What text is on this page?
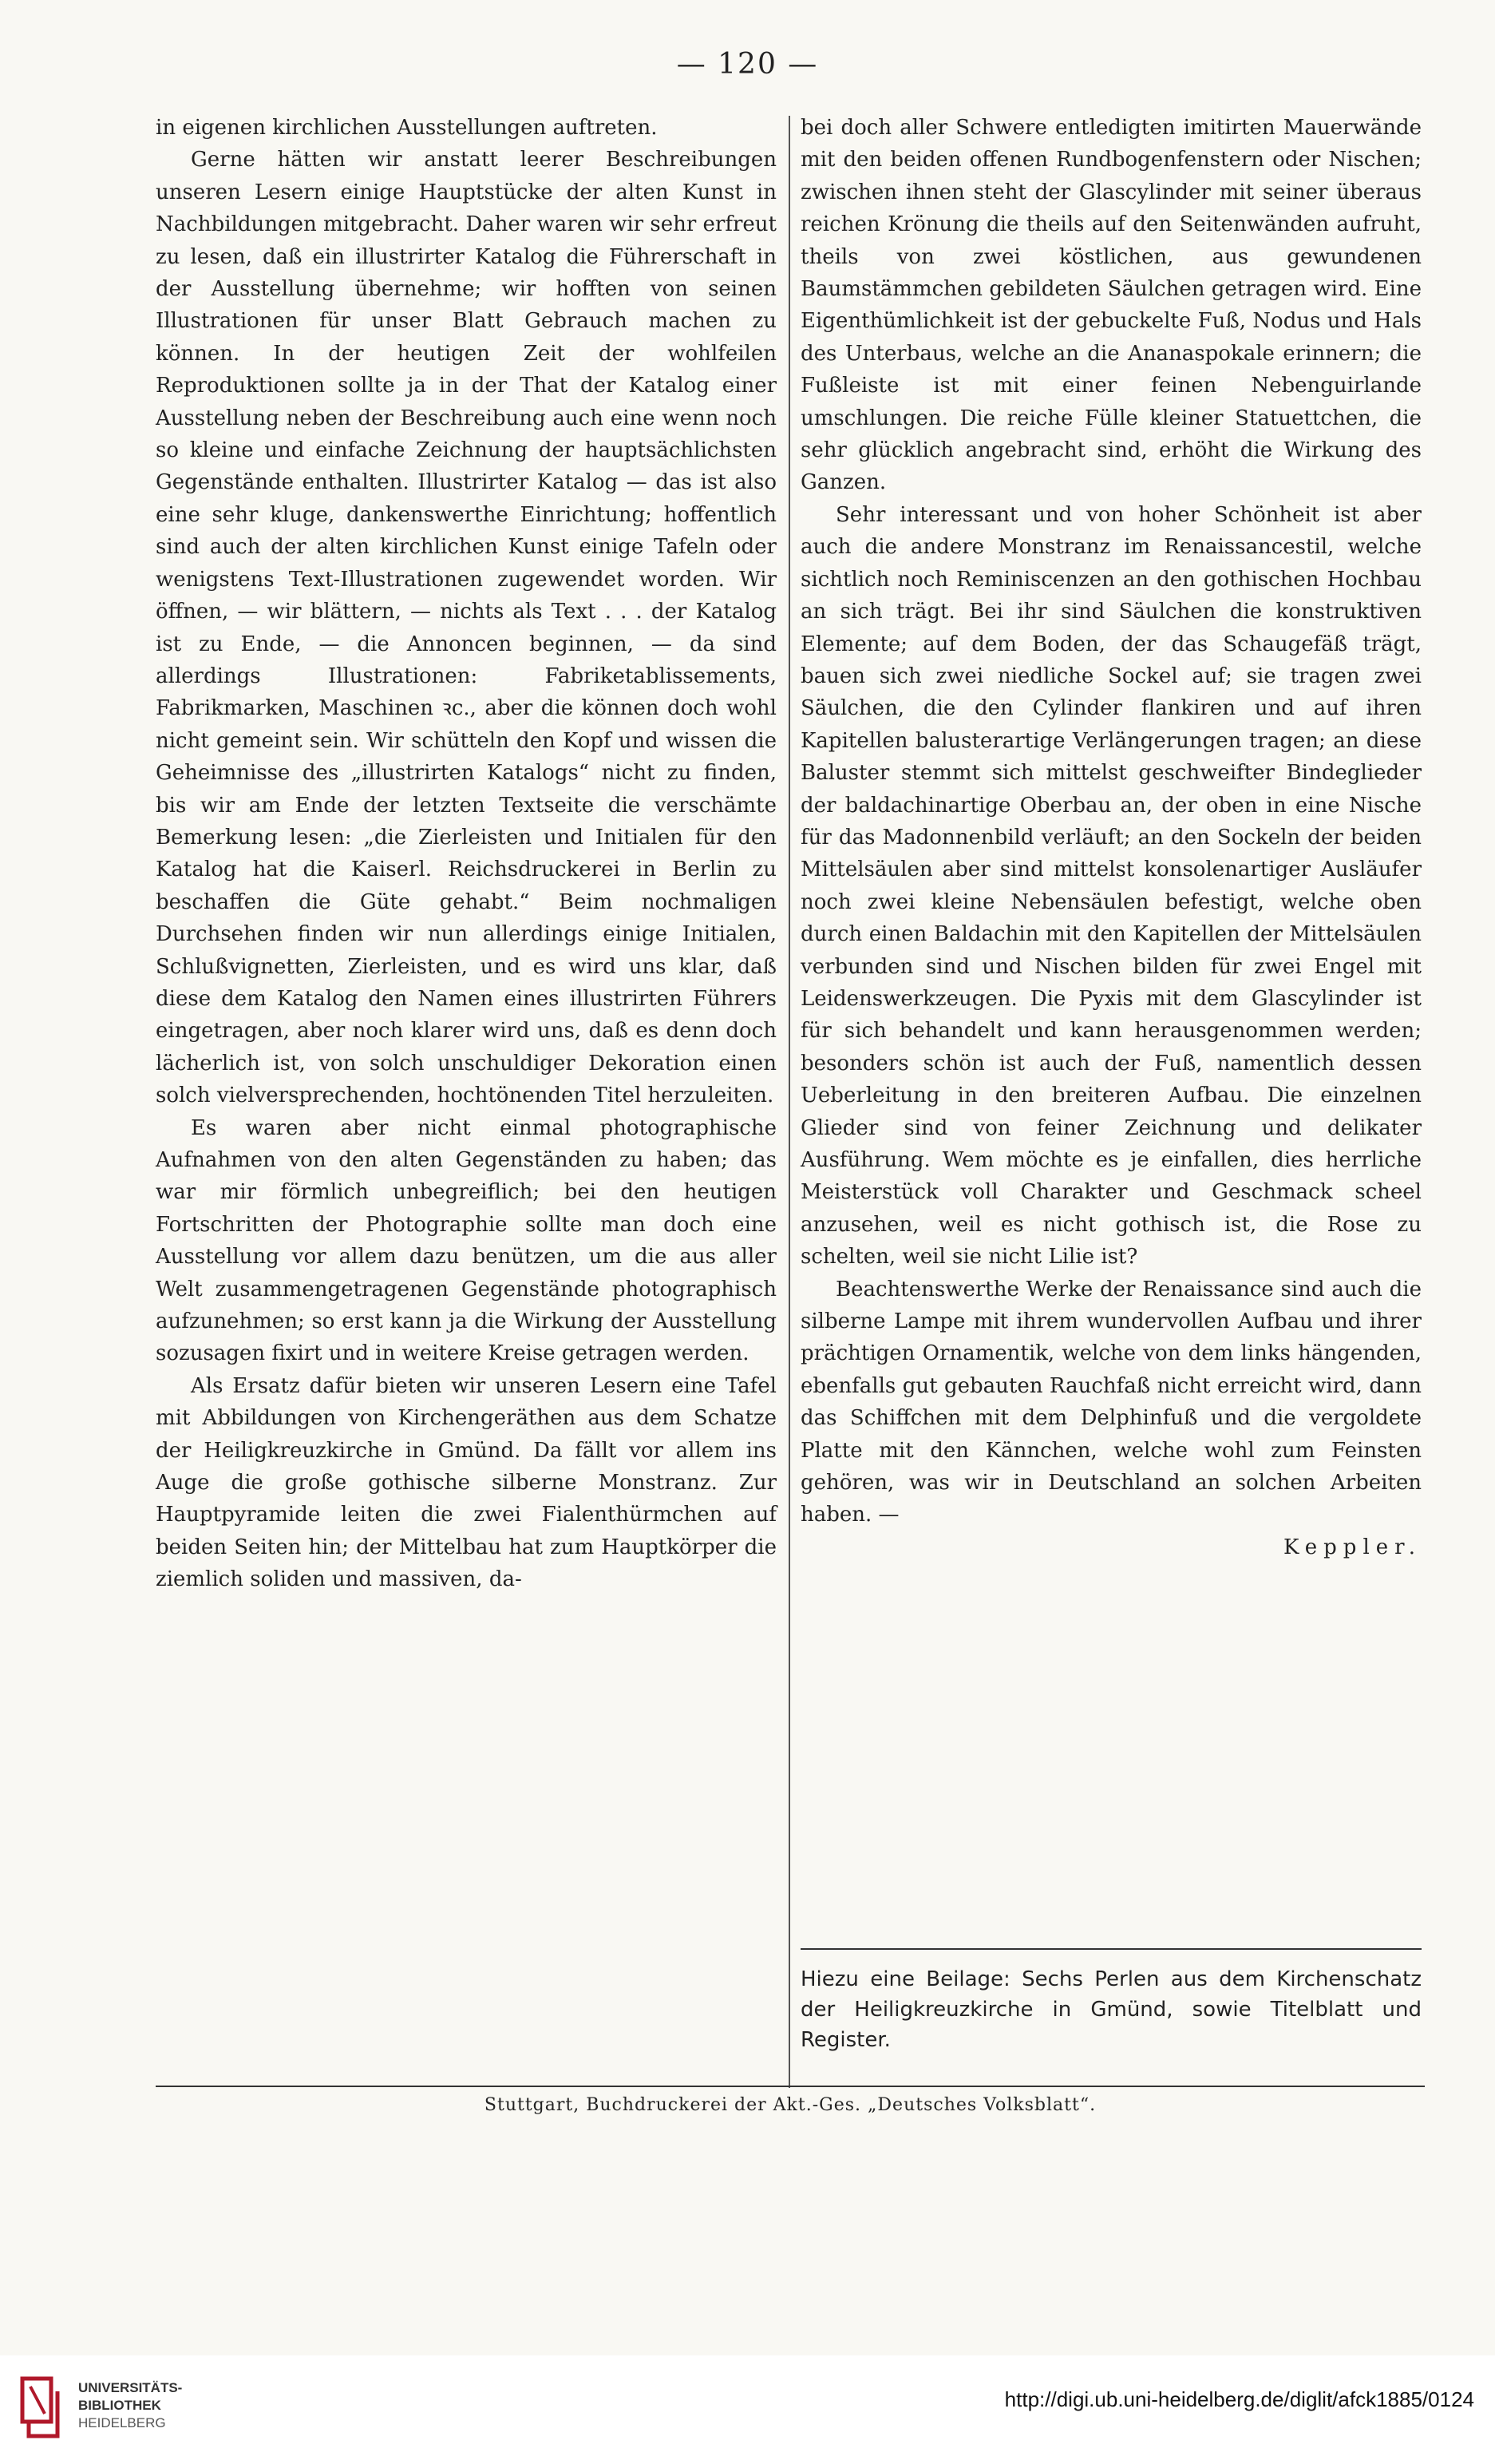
— 120 —

in eigenen kirchlichen Ausstellungen auftreten.

Gerne hätten wir anstatt leerer Beschreibungen unseren Lesern einige Hauptstücke der alten Kunst in Nachbildungen mitgebracht. Daher waren wir sehr erfreut zu lesen, daß ein illustrirter Katalog die Führerschaft in der Ausstellung übernehme; wir hofften von seinen Illustrationen für unser Blatt Gebrauch machen zu können. In der heutigen Zeit der wohlfeilen Reproduktionen sollte ja in der That der Katalog einer Ausstellung neben der Beschreibung auch eine wenn noch so kleine und einfache Zeichnung der hauptsächlichsten Gegenstände enthalten. Illustrirter Katalog — das ist also eine sehr kluge, dankenswerthe Einrichtung; hoffentlich sind auch der alten kirchlichen Kunst einige Tafeln oder wenigstens Text-Illustrationen zugewendet worden. Wir öffnen, — wir blättern, — nichts als Text . . . der Katalog ist zu Ende, — die Annoncen beginnen, — da sind allerdings Illustrationen: Fabriketablissements, Fabrikmarken, Maschinen ꝛc., aber die können doch wohl nicht gemeint sein. Wir schütteln den Kopf und wissen die Geheimnisse des „illustrirten Katalogs“ nicht zu finden, bis wir am Ende der letzten Textseite die verschämte Bemerkung lesen: „die Zierleisten und Initialen für den Katalog hat die Kaiserl. Reichsdruckerei in Berlin zu beschaffen die Güte gehabt.“ Beim nochmaligen Durchsehen finden wir nun allerdings einige Initialen, Schlußvignetten, Zierleisten, und es wird uns klar, daß diese dem Katalog den Namen eines illustrirten Führers eingetragen, aber noch klarer wird uns, daß es denn doch lächerlich ist, von solch unschuldiger Dekoration einen solch vielversprechenden, hochtönenden Titel herzuleiten.

Es waren aber nicht einmal photographische Aufnahmen von den alten Gegenständen zu haben; das war mir förmlich unbegreiflich; bei den heutigen Fortschritten der Photographie sollte man doch eine Ausstellung vor allem dazu benützen, um die aus aller Welt zusammengetragenen Gegenstände photographisch aufzunehmen; so erst kann ja die Wirkung der Ausstellung sozusagen fixirt und in weitere Kreise getragen werden.

Als Ersatz dafür bieten wir unseren Lesern eine Tafel mit Abbildungen von Kirchengeräthen aus dem Schatze der Heiligkreuzkirche in Gmünd. Da fällt vor allem ins Auge die große gothische silberne Monstranz. Zur Hauptpyramide leiten die zwei Fialenthürmchen auf beiden Seiten hin; der Mittelbau hat zum Hauptkörper die ziemlich soliden und massiven, da-

bei doch aller Schwere entledigten imitirten Mauerwände mit den beiden offenen Rundbogenfenstern oder Nischen; zwischen ihnen steht der Glascylinder mit seiner überaus reichen Krönung die theils auf den Seitenwänden aufruht, theils von zwei köstlichen, aus gewundenen Baumstämmchen gebildeten Säulchen getragen wird. Eine Eigenthümlichkeit ist der gebuckelte Fuß, Nodus und Hals des Unterbaus, welche an die Ananaspokale erinnern; die Fußleiste ist mit einer feinen Nebenguirlande umschlungen. Die reiche Fülle kleiner Statuettchen, die sehr glücklich angebracht sind, erhöht die Wirkung des Ganzen.

Sehr interessant und von hoher Schönheit ist aber auch die andere Monstranz im Renaissancestil, welche sichtlich noch Reminiscenzen an den gothischen Hochbau an sich trägt. Bei ihr sind Säulchen die konstruktiven Elemente; auf dem Boden, der das Schaugefäß trägt, bauen sich zwei niedliche Sockel auf; sie tragen zwei Säulchen, die den Cylinder flankiren und auf ihren Kapitellen balusterartige Verlängerungen tragen; an diese Baluster stemmt sich mittelst geschweifter Bindeglieder der baldachinartige Oberbau an, der oben in eine Nische für das Madonnenbild verläuft; an den Sockeln der beiden Mittelsäulen aber sind mittelst konsolenartiger Ausläufer noch zwei kleine Nebensäulen befestigt, welche oben durch einen Baldachin mit den Kapitellen der Mittelsäulen verbunden sind und Nischen bilden für zwei Engel mit Leidenswerkzeugen. Die Pyxis mit dem Glascylinder ist für sich behandelt und kann herausgenommen werden; besonders schön ist auch der Fuß, namentlich dessen Ueberleitung in den breiteren Aufbau. Die einzelnen Glieder sind von feiner Zeichnung und delikater Ausführung. Wem möchte es je einfallen, dies herrliche Meisterstück voll Charakter und Geschmack scheel anzusehen, weil es nicht gothisch ist, die Rose zu schelten, weil sie nicht Lilie ist?

Beachtenswerthe Werke der Renaissance sind auch die silberne Lampe mit ihrem wundervollen Aufbau und ihrer prächtigen Ornamentik, welche von dem links hängenden, ebenfalls gut gebauten Rauchfaß nicht erreicht wird, dann das Schiffchen mit dem Delphinfuß und die vergoldete Platte mit den Kännchen, welche wohl zum Feinsten gehören, was wir in Deutschland an solchen Arbeiten haben. —

Keppler.
Hiezu eine Beilage: Sechs Perlen aus dem Kirchenschatz der Heiligkreuzkirche in Gmünd, sowie Titelblatt und Register.
Stuttgart, Buchdruckerei der Akt.-Ges. „Deutsches Volksblatt“.
UNIVERSITÄTS-
BIBLIOTHEK
HEIDELBERG
http://digi.ub.uni-heidelberg.de/diglit/afck1885/0124
